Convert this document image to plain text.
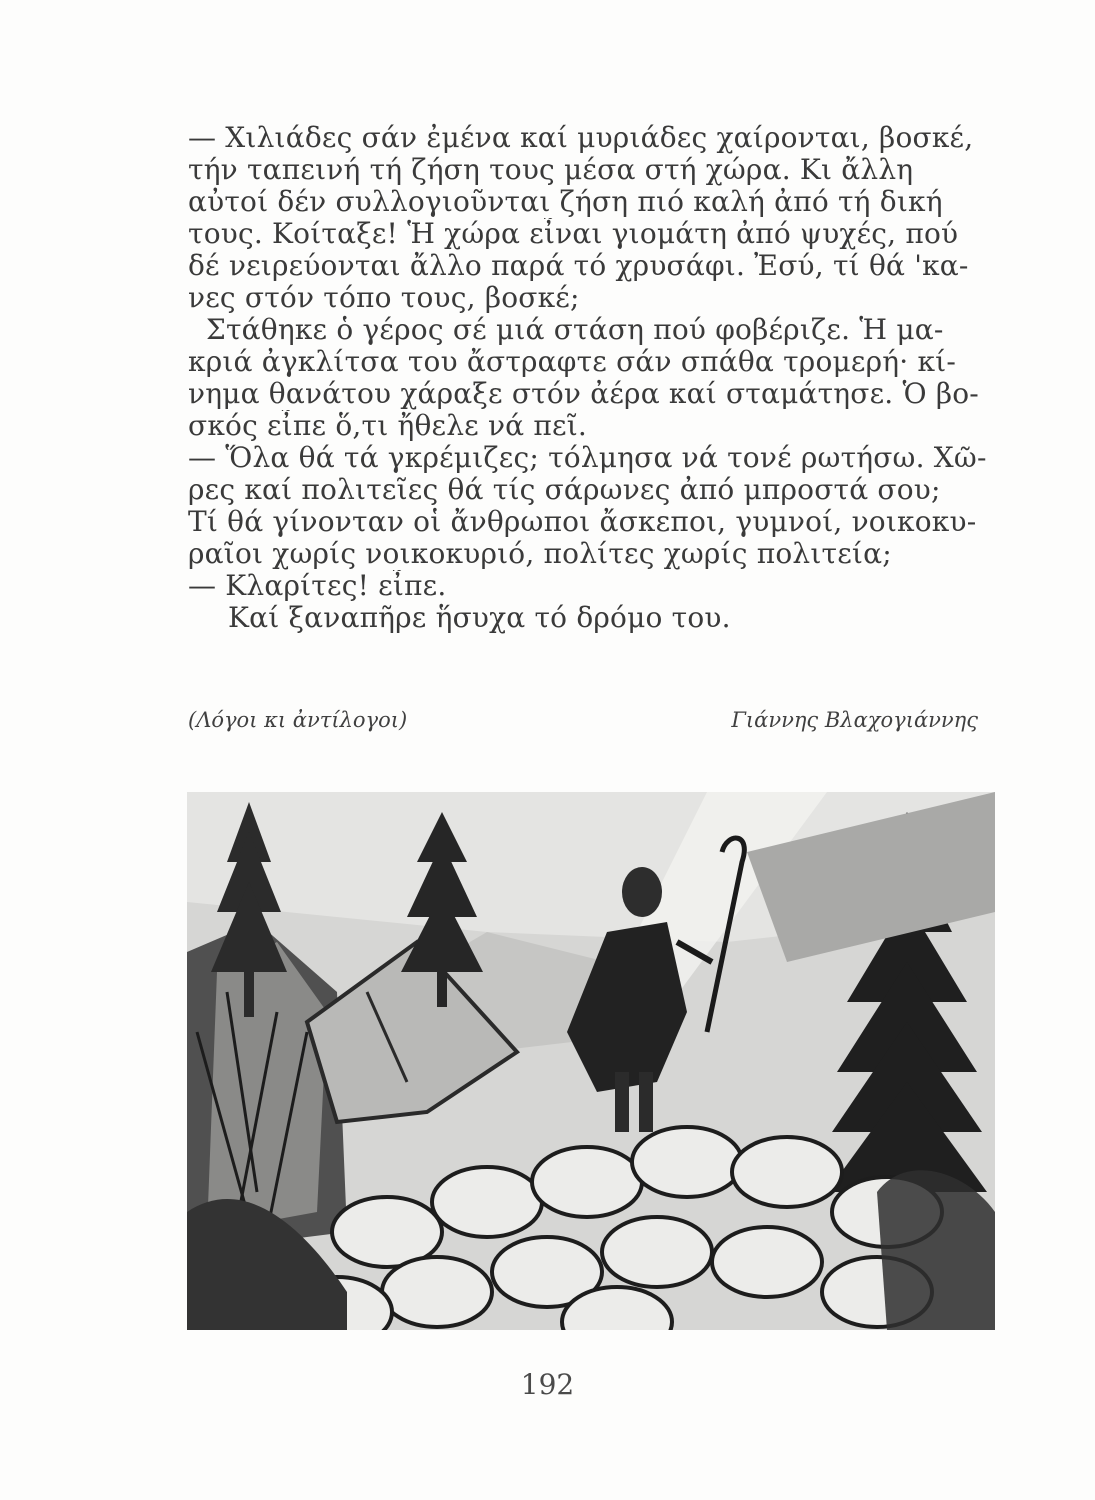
— Χιλιάδες σάν ἐμένα καί μυριάδες χαίρονται, βοσκέ,
τήν ταπεινή τή ζήση τους μέσα στή χώρα. Κι ἄλλη
αὐτοί δέν συλλογιοῦνται ζήση πιό καλή ἀπό τή δική
τους. Κοίταξε! Ἡ χώρα εἶναι γιομάτη ἀπό ψυχές, πού
δέ νειρεύονται ἄλλο παρά τό χρυσάφι. Ἐσύ, τί θά 'κα-
νες στόν τόπο τους, βοσκέ;
Στάθηκε ὁ γέρος σέ μιά στάση πού φοβέριζε. Ἡ μα-
κριά ἀγκλίτσα του ἄστραφτε σάν σπάθα τρομερή· κί-
νημα θανάτου χάραξε στόν ἀέρα καί σταμάτησε. Ὁ βο-
σκός εἶπε ὅ,τι ἤθελε νά πεῖ.
— Ὅλα θά τά γκρέμιζες; τόλμησα νά τονέ ρωτήσω. Χῶ-
ρες καί πολιτεῖες θά τίς σάρωνες ἀπό μπροστά σου;
Τί θά γίνονταν οἱ ἄνθρωποι ἄσκεποι, γυμνοί, νοικοκυ-
ραῖοι χωρίς νοικοκυριό, πολίτες χωρίς πολιτεία;
— Κλαρίτες! εἶπε.
Καί ξαναπῆρε ἥσυχα τό δρόμο του.
(Λόγοι κι ἀντίλογοι)	Γιάννης Βλαχογιάννης
192
